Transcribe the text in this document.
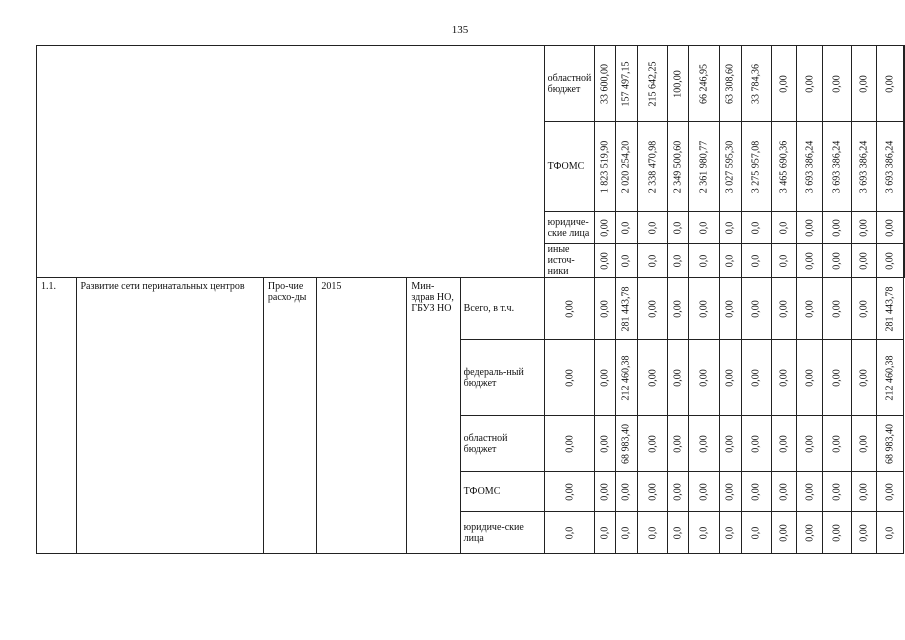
135
						областной бюджет	33 600,00	157 497,15	215 642,25	100,00	66 246,95	63 308,60	33 784,36	0,00	0,00	0,00	0,00	0,00

						ТФОМС	1 823 519,90	2 020 254,20	2 338 470,98	2 349 500,60	2 361 980,77	3 027 595,30	3 275 957,08	3 465 690,36	3 693 386,24	3 693 386,24	3 693 386,24	3 693 386,24

						юридиче-ские лица	0,00	0,0	0,0	0,0	0,0	0,0	0,0	0,0	0,00	0,00	0,00	0,00

						иные источ-ники	0,00	0,0	0,0	0,0	0,0	0,0	0,0	0,0	0,00	0,00	0,00	0,00

1.1.	Развитие сети перинатальных центров	Про-чие расхо-ды	2015	Мин-здрав НО, ГБУЗ НО	Всего, в т.ч.	0,00	0,00	281 443,78	0,00	0,00	0,00	0,00	0,00	0,00	0,00	0,00	0,00	281 443,78	

					федераль-ный бюджет	0,00	0,00	212 460,38	0,00	0,00	0,00	0,00	0,00	0,00	0,00	0,00	0,00	212 460,38	

					областной бюджет	0,00	0,00	68 983,40	0,00	0,00	0,00	0,00	0,00	0,00	0,00	0,00	0,00	68 983,40	

					ТФОМС	0,00	0,00	0,00	0,00	0,00	0,00	0,00	0,00	0,00	0,00	0,00	0,00	0,00	

					юридиче-ские лица	0,0	0,0	0,0	0,0	0,0	0,0	0,0	0,0	0,00	0,00	0,00	0,00	0,0	
